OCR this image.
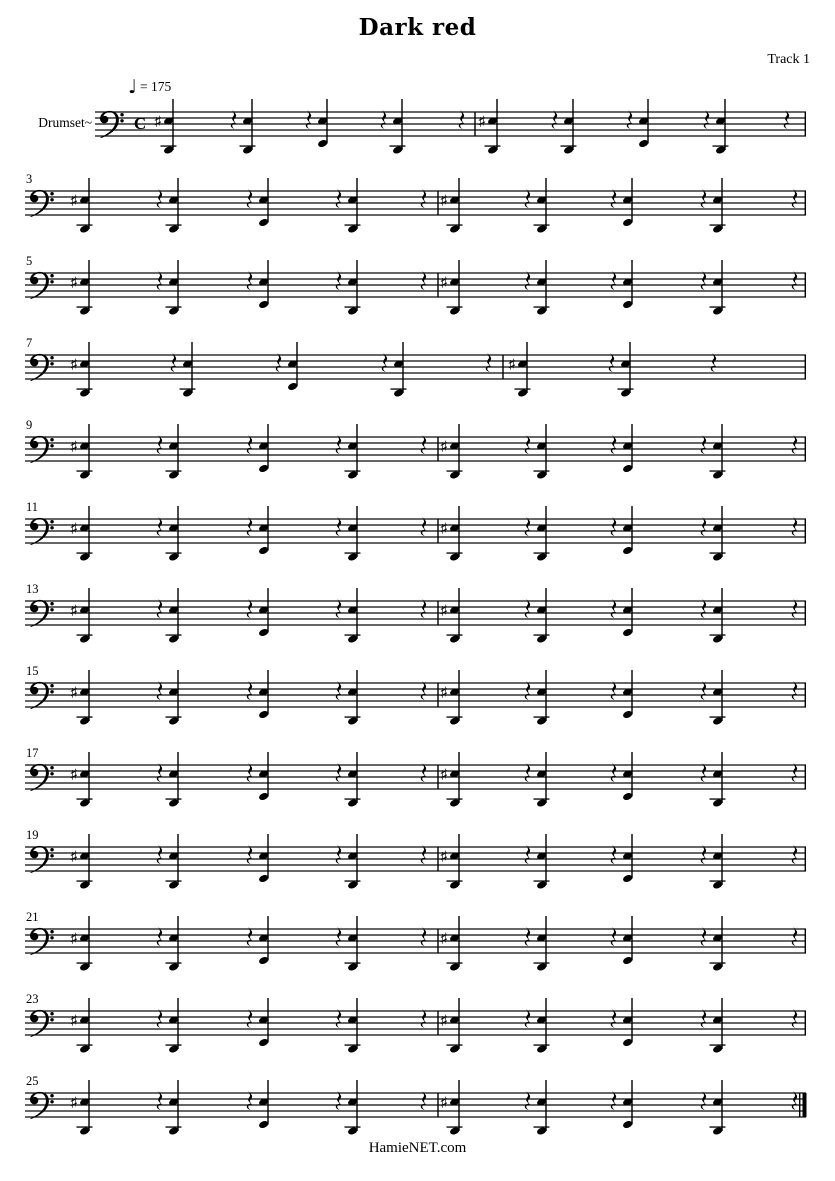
Dark red
Track 1
♩ = 175
Drumset~ C ♯	♯
3
♯	♯
5
♯	♯
7
♯	♯
9
♯	♯
11
♯	♯
13
♯	♯
15
♯	♯
17
♯	♯
19
♯	♯
21
♯	♯
23
♯	♯
25
♯	♯
HamieNET.com
